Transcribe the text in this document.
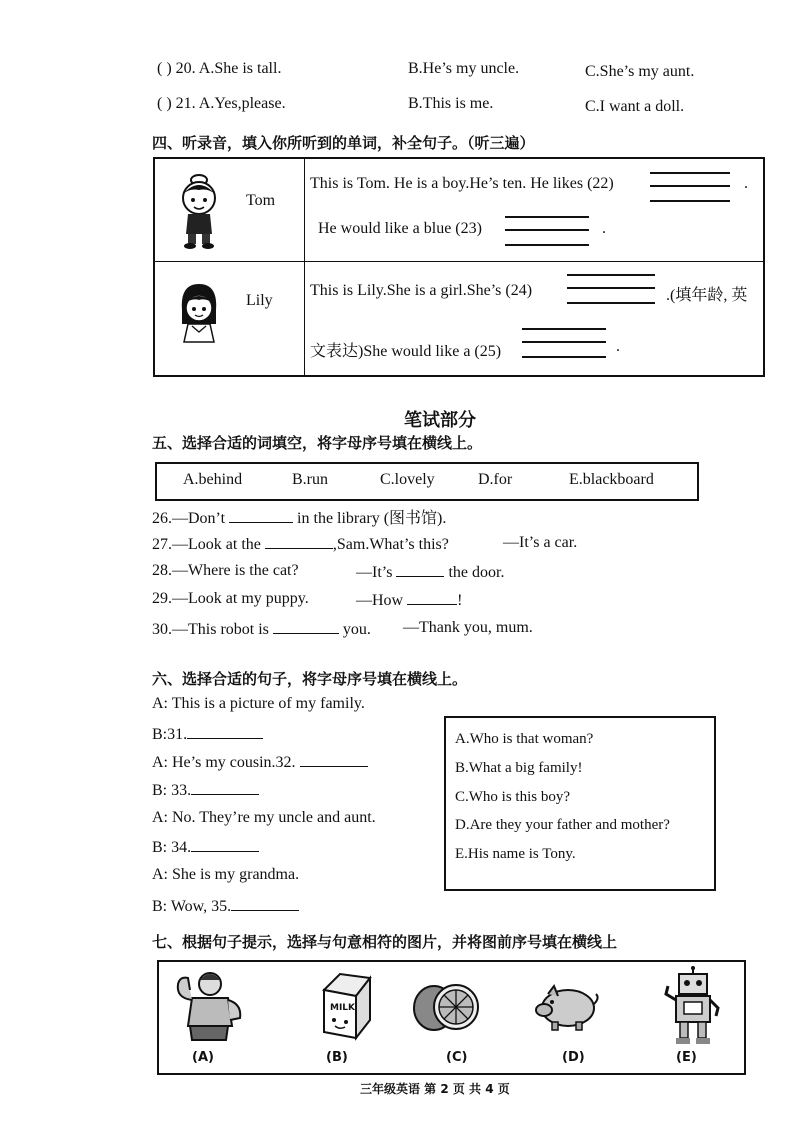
( ) 20. A.She is tall.	B.He’s my uncle.	C.She’s my aunt.
( ) 21. A.Yes,please.	B.This is me.	C.I want a doll.
四、听录音，填入你所听到的单词，补全句子。（听三遍）
Tom
This is Tom. He is a boy.He’s ten. He likes (22)	.
He would like a blue (23)	.
Lily
This is Lily.She is a girl.She’s (24)	.(填年龄, 英
文表达)She would like a (25)	.
笔试部分
五、选择合适的词填空，将字母序号填在横线上。
A.behind	B.run	C.lovely	D.for	E.blackboard
26.—Don’t	in the library (图书馆).
27.—Look at the	,Sam.What’s this?	—It’s a car.
28.—Where is the cat?	—It’s	the door.
29.—Look at my puppy.	—How	!
30.—This robot is	you. —Thank you, mum.
六、选择合适的句子，将字母序号填在横线上。
A: This is a picture of my family.
B:31.
A: He’s my cousin.32.
B: 33.
A: No. They’re my uncle and aunt.
B: 34.
A: She is my grandma.
B: Wow, 35.
A.Who is that woman?
B.What a big family!
C.Who is this boy?
D.Are they your father and mother?
E.His name is Tony.
七、根据句子提示，选择与句意相符的图片，并将图前序号填在横线上
(A)
MILK
(B)	(C)	(D)	(E)
三年级英语 第 2 页 共 4 页
